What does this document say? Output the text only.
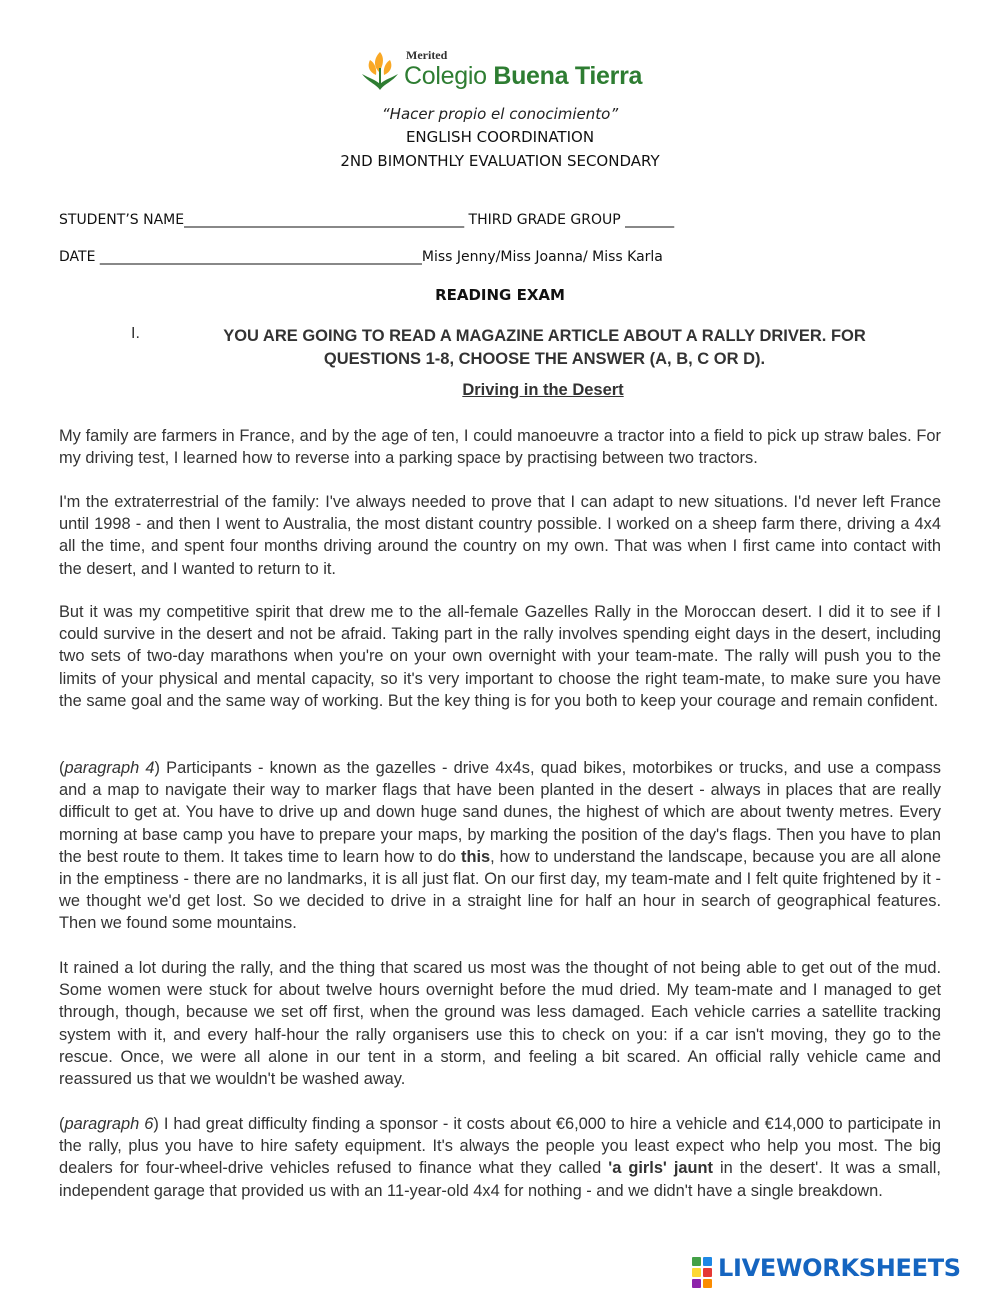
Merited
Colegio Buena Tierra
“Hacer propio el conocimiento”
ENGLISH COORDINATION
2ND BIMONTHLY EVALUATION SECONDARY
STUDENT’S NAME________________________________________ THIRD GRADE GROUP _______
DATE ______________________________________________Miss Jenny/Miss Joanna/ Miss Karla
READING EXAM
I.	YOU ARE GOING TO READ A MAGAZINE ARTICLE ABOUT A RALLY DRIVER. FOR QUESTIONS 1-8, CHOOSE THE ANSWER (A, B, C OR D).
Driving in the Desert
My family are farmers in France, and by the age of ten, I could manoeuvre a tractor into a field to pick up straw bales. For my driving test, I learned how to reverse into a parking space by practising between two tractors.
I'm the extraterrestrial of the family: I've always needed to prove that I can adapt to new situations. I'd never left France until 1998 - and then I went to Australia, the most distant country possible. I worked on a sheep farm there, driving a 4x4 all the time, and spent four months driving around the country on my own. That was when I first came into contact with the desert, and I wanted to return to it.
But it was my competitive spirit that drew me to the all-female Gazelles Rally in the Moroccan desert. I did it to see if I could survive in the desert and not be afraid. Taking part in the rally involves spending eight days in the desert, including two sets of two-day marathons when you're on your own overnight with your team-mate. The rally will push you to the limits of your physical and mental capacity, so it's very important to choose the right team-mate, to make sure you have the same goal and the same way of working. But the key thing is for you both to keep your courage and remain confident.
(paragraph 4) Participants - known as the gazelles - drive 4x4s, quad bikes, motorbikes or trucks, and use a compass and a map to navigate their way to marker flags that have been planted in the desert - always in places that are really difficult to get at. You have to drive up and down huge sand dunes, the highest of which are about twenty metres. Every morning at base camp you have to prepare your maps, by marking the position of the day's flags. Then you have to plan the best route to them. It takes time to learn how to do this, how to understand the landscape, because you are all alone in the emptiness - there are no landmarks, it is all just flat. On our first day, my team-mate and I felt quite frightened by it - we thought we'd get lost. So we decided to drive in a straight line for half an hour in search of geographical features. Then we found some mountains.
It rained a lot during the rally, and the thing that scared us most was the thought of not being able to get out of the mud. Some women were stuck for about twelve hours overnight before the mud dried. My team-mate and I managed to get through, though, because we set off first, when the ground was less damaged. Each vehicle carries a satellite tracking system with it, and every half-hour the rally organisers use this to check on you: if a car isn't moving, they go to the rescue. Once, we were all alone in our tent in a storm, and feeling a bit scared. An official rally vehicle came and reassured us that we wouldn't be washed away.
(paragraph 6) I had great difficulty finding a sponsor - it costs about €6,000 to hire a vehicle and €14,000 to participate in the rally, plus you have to hire safety equipment. It's always the people you least expect who help you most. The big dealers for four-wheel-drive vehicles refused to finance what they called 'a girls' jaunt in the desert'. It was a small, independent garage that provided us with an 11-year-old 4x4 for nothing - and we didn't have a single breakdown.
LIVEWORKSHEETS
